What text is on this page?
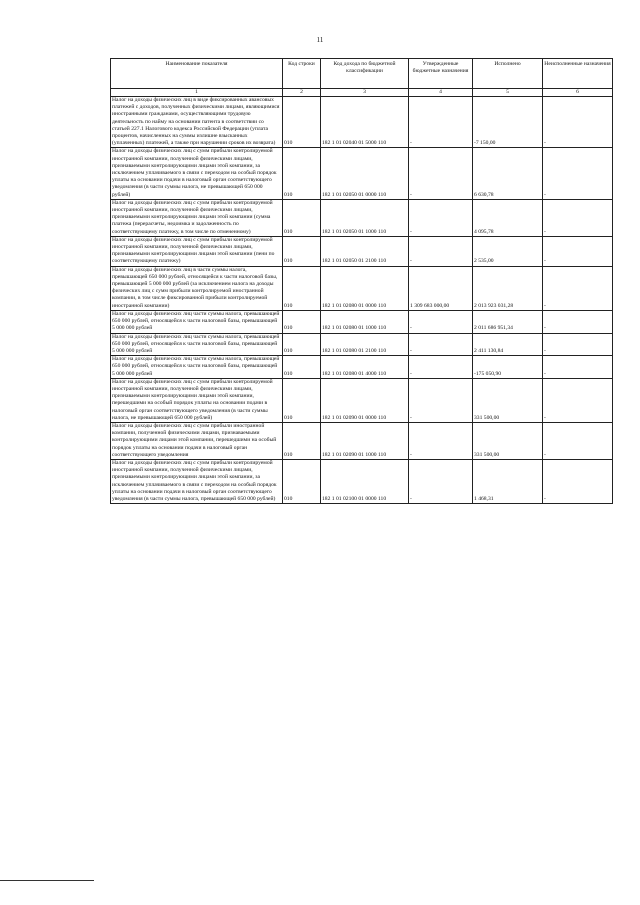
11
Наименование показателя	Код строки	Код дохода по бюджетной классификации	Утвержденные бюджетные назначения	Исполнено	Неисполненные назначения
1	2	3	4	5	6
Налог на доходы физических лиц в виде фиксированных авансовых платежей с доходов, полученных физическими лицами, являющимися иностранными гражданами, осуществляющими трудовую деятельность по найму на основании патента в соответствии со статьей 227.1 Налогового кодекса Российской Федерации (уплата процентов, начисленных на суммы излишне взысканных (уплаченных) платежей, а также при нарушении сроков их возврата)	010	182 1 01 02040 01 5000 110	-	-7 150,00	-
Налог на доходы физических лиц с сумм прибыли контролируемой иностранной компании, полученной физическими лицами, признаваемыми контролирующими лицами этой компании, за исключением уплачиваемого в связи с переходом на особый порядок уплаты на основании подачи в налоговый орган соответствующего уведомления (в части суммы налога, не превышающей 650 000 рублей)	010	182 1 01 02050 01 0000 110	-	6 630,78	-
Налог на доходы физических лиц с сумм прибыли контролируемой иностранной компании, полученной физическими лицами, признаваемыми контролирующими лицами этой компании (сумма платежа (перерасчеты, недоимка и задолженность по соответствующему платежу, в том числе по отмененному)	010	182 1 01 02050 01 1000 110	-	4 095,78	-
Налог на доходы физических лиц с сумм прибыли контролируемой иностранной компании, полученной физическими лицами, признаваемыми контролирующими лицами этой компании (пени по соответствующему платежу)	010	182 1 01 02050 01 2100 110	-	2 535,00	-
Налог на доходы физических лиц в части суммы налога, превышающей 650 000 рублей, относящейся к части налоговой базы, превышающей 5 000 000 рублей (за исключением налога на доходы физических лиц с сумм прибыли контролируемой иностранной компании, в том числе фиксированной прибыли контролируемой иностранной компании)	010	182 1 01 02080 01 0000 110	1 309 683 000,00	2 013 923 031,28	-
Налог на доходы физических лиц части суммы налога, превышающей 650 000 рублей, относящейся к части налоговой базы, превышающей 5 000 000 рублей	010	182 1 01 02080 01 1000 110	-	2 011 686 951,34	-
Налог на доходы физических лиц части суммы налога, превышающей 650 000 рублей, относящейся к части налоговой базы, превышающей 5 000 000 рублей	010	182 1 01 02080 01 2100 110	-	2 411 130,84	-
Налог на доходы физических лиц части суммы налога, превышающей 650 000 рублей, относящейся к части налоговой базы, превышающей 5 000 000 рублей	010	182 1 01 02080 01 4000 110	-	-175 050,90	-
Налог на доходы физических лиц с сумм прибыли контролируемой иностранной компании, полученной физическими лицами, признаваемыми контролирующими лицами этой компании, перешедшими на особый порядок уплаты на основании подачи в налоговый орган соответствующего уведомления (в части суммы налога, не превышающей 650 000 рублей)	010	182 1 01 02090 01 0000 110	-	331 500,00	-
Налог на доходы физических лиц с сумм прибыли иностранной компании, полученной физическими лицами, признаваемыми контролирующими лицами этой компании, перешедшими на особый порядок уплаты на основании подачи в налоговый орган соответствующего уведомления	010	182 1 01 02090 01 1000 110	-	331 500,00	-
Налог на доходы физических лиц с сумм прибыли контролируемой иностранной компании, полученной физическими лицами, признаваемыми контролирующими лицами этой компании, за исключением уплачиваемого в связи с переходом на особый порядок уплаты на основании подачи в налоговый орган соответствующего уведомления (в части суммы налога, превышающей 650 000 рублей)	010	182 1 01 02100 01 0000 110	-	1 468,31	-
